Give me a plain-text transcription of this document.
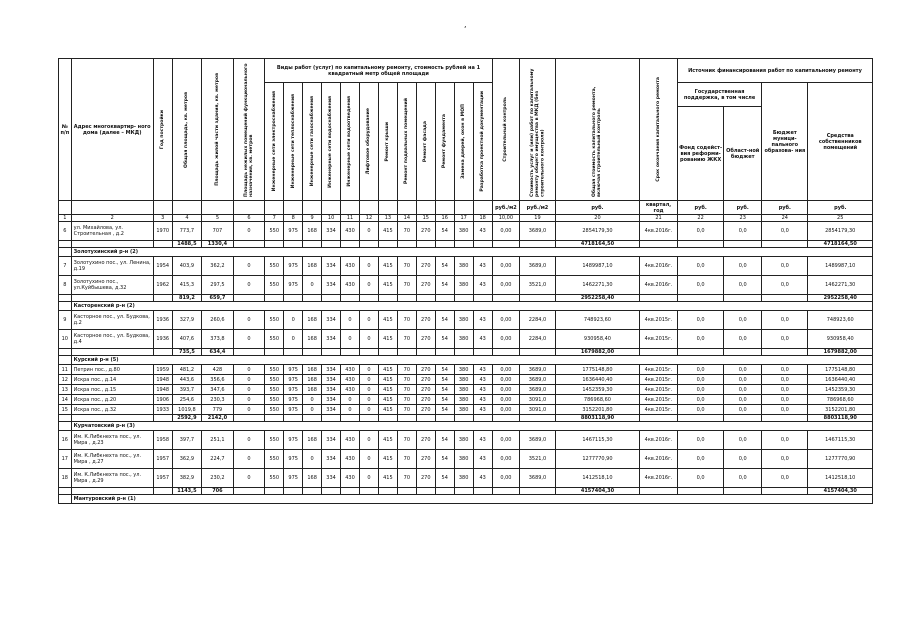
,
№ п/п	Адрес многоквартир- ного дома (далее – МКД)	Год постройки	Общая площадь, кв. метров	Площадь жилой части здания, кв. метров	Площадь нежилых помещений функционального назначения, кв. метров	Виды работ (услуг) по капитальному ремонту, стоимость рублей на 1 квадратный метр общей площади												Строительный контроль	Стоимость услуг и (или) работ по капитальному ремонту общего имущества в МКД (без строительного контроля)	Общая стоимость капитального ремонта, включая строительный контроль	Срок окончания капитального ремонта	Источник финансирования работ по капитальному ремонту			

						Инженерные сети электроснабжения	Инженерные сети теплоснабжения	Инженерные сети газоснабжения	Инженерные сети водоснабжения	Инженерные сети водоотведения	Лифтовое оборудование	Ремонт крыши	Ремонт подвальных помещений	Ремонт фасада	Ремонт фундамента	Замена дверей, окон в МОП	Разработка проектной документации					Государственная поддержка, в том числе		Бюджет муници- пального образова- ния	Средства собственников помещений
																						Фонд содейст-вия реформи- рованию ЖКХ	Област-ной бюджет		
																		руб./м2	руб./м2	руб.	квартал, год	руб.	руб.	руб.	руб.
1	2	3	4	5	6	7	8	9	10	11	12	13	14	15	16	17	18	10,00	19	20	21	22	23	24	25
6	ул. Михайлова, ул. Строительная , д.2	1970	773,7	707	0	550	975	168	334	430	0	415	70	270	54	380	43	0,00	3689,0	2854179,30	4кв.2016г.	0,0	0,0	0,0	2854179,30
			1488,5	1330,4																4718164,50					4718164,50
	Золотухинский р-н (2)																								
7	Золотухино пос., ул. Ленина, д.19	1954	403,9	362,2	0	550	975	168	334	430	0	415	70	270	54	380	43	0,00	3689,0	1489987,10	4кв.2016г.	0,0	0,0	0,0	1489987,10
8	Золотухино пос., ул.Куйбышева, д.32	1962	415,3	297,5	0	550	975	0	334	430	0	415	70	270	54	380	43	0,00	3521,0	1462271,30	4кв.2016г.	0,0	0,0	0,0	1462271,30
			819,2	659,7																2952258,40					2952258,40
	Касторенский р-н (2)																								
9	Касторное пос., ул. Будкова, д.2	1936	327,9	260,6	0	550	0	168	334	0	0	415	70	270	54	380	43	0,00	2284,0	748923,60	4кв.2015г.	0,0	0,0	0,0	748923,60
10	Касторное пос., ул. Будкова, д.4	1936	407,6	373,8	0	550	0	168	334	0	0	415	70	270	54	380	43	0,00	2284,0	930958,40	4кв.2015г.	0,0	0,0	0,0	930958,40
			735,5	634,4																1679882,00					1679882,00
	Курский р-н (5)																								
11	Петрин пос., д.80	1959	481,2	428	0	550	975	168	334	430	0	415	70	270	54	380	43	0,00	3689,0	1775148,80	4кв.2015г.	0,0	0,0	0,0	1775148,80
12	Искра пос., д.14	1948	443,6	356,6	0	550	975	168	334	430	0	415	70	270	54	380	43	0,00	3689,0	1636440,40	4кв.2015г.	0,0	0,0	0,0	1636440,40
13	Искра пос., д.15	1948	393,7	347,6	0	550	975	168	334	430	0	415	70	270	54	380	43	0,00	3689,0	1452359,30	4кв.2015г.	0,0	0,0	0,0	1452359,30
14	Искра пос., д.20	1906	254,6	230,3	0	550	975	0	334	0	0	415	70	270	54	380	43	0,00	3091,0	786968,60	4кв.2015г.	0,0	0,0	0,0	786968,60
15	Искра пос., д.32	1933	1019,8	779	0	550	975	0	334	0	0	415	70	270	54	380	43	0,00	3091,0	3152201,80	4кв.2015г.	0,0	0,0	0,0	3152201,80
			2592,9	2142,0																8803118,90					8803118,90
	Курчатовский р-н (3)																								
16	Им. К.Либкнехта пос., ул. Мира , д.23	1958	397,7	251,1	0	550	975	168	334	430	0	415	70	270	54	380	43	0,00	3689,0	1467115,30	4кв.2016г.	0,0	0,0	0,0	1467115,30
17	Им. К.Либкнехта пос., ул. Мира , д.27	1957	362,9	224,7	0	550	975	0	334	430	0	415	70	270	54	380	43	0,00	3521,0	1277770,90	4кв.2016г.	0,0	0,0	0,0	1277770,90
18	Им. К.Либкнехта пос., ул. Мира , д.29	1957	382,9	230,2	0	550	975	168	334	430	0	415	70	270	54	380	43	0,00	3689,0	1412518,10	4кв.2016г.	0,0	0,0	0,0	1412518,10
			1143,5	706																4157404,30					4157404,30
	Мантуровский р-н (1)																								
